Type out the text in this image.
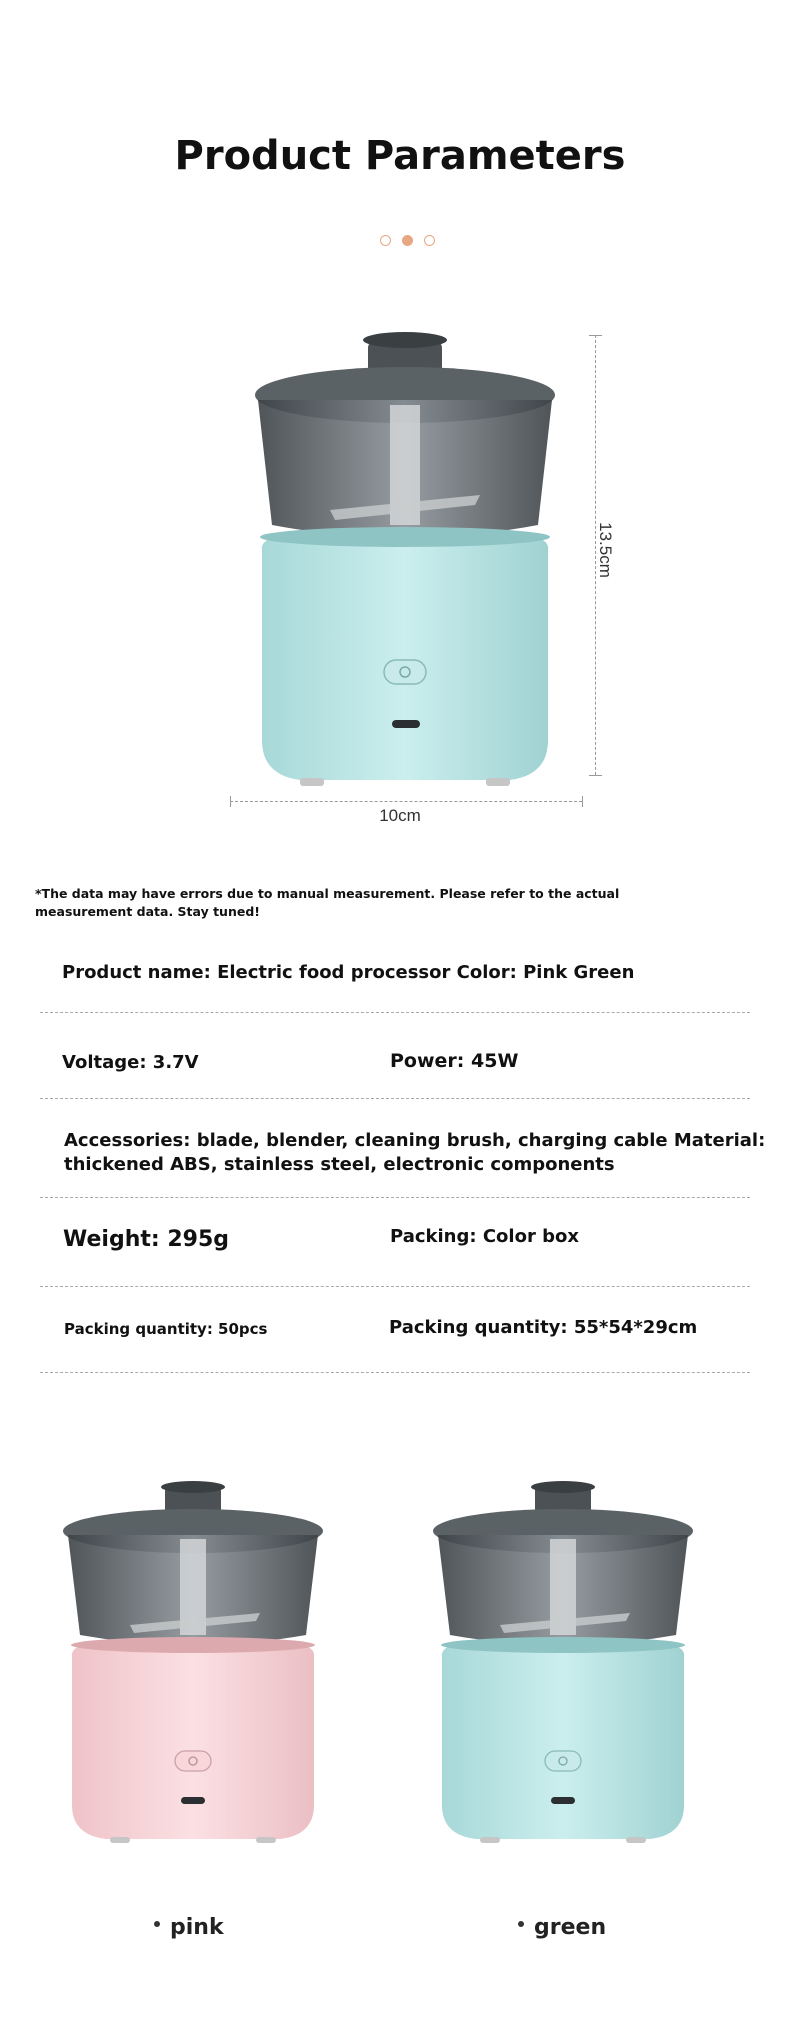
Product Parameters
13.5cm
10cm
*The data may have errors due to manual measurement. Please refer to the actual measurement data. Stay tuned!
Product name: Electric food processor Color: Pink Green
Voltage: 3.7V	Power: 45W
Accessories: blade, blender, cleaning brush, charging cable Material:
thickened ABS, stainless steel, electronic components
Weight: 295g	Packing: Color box
Packing quantity: 50pcs	Packing quantity: 55*54*29cm
pink	green
